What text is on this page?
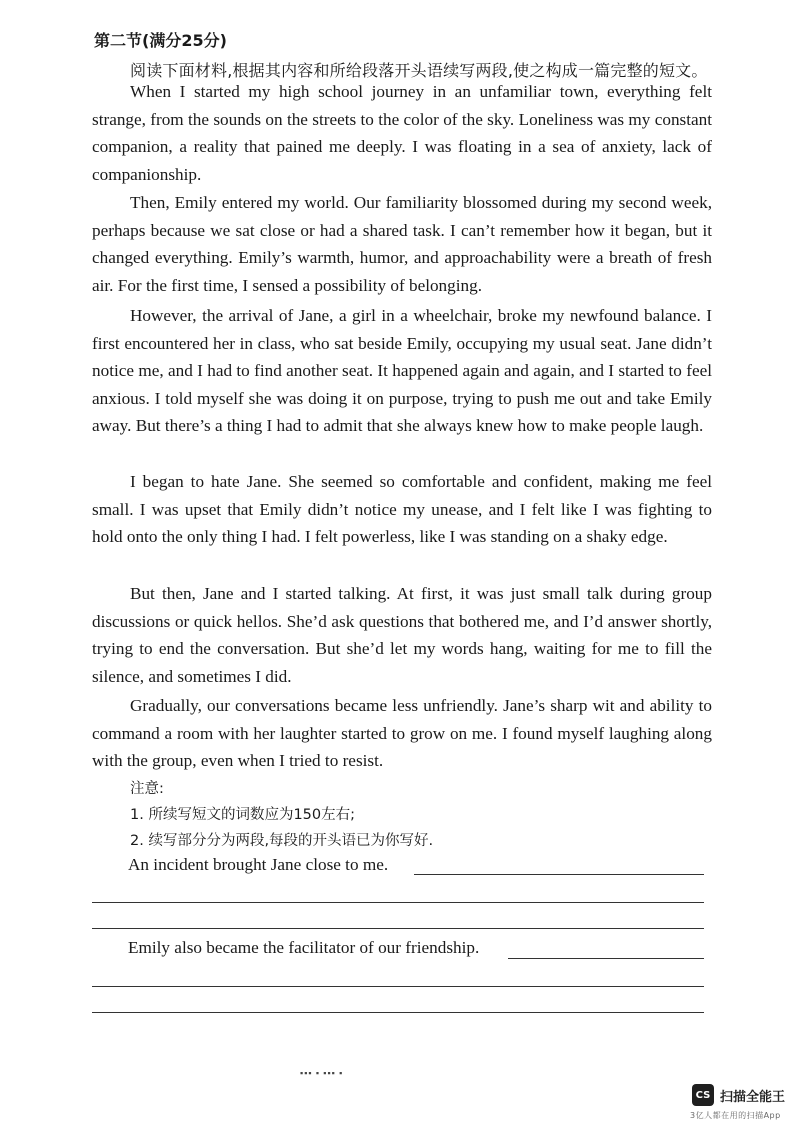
第二节(满分25分)
阅读下面材料,根据其内容和所给段落开头语续写两段,使之构成一篇完整的短文。

When I started my high school journey in an unfamiliar town, everything felt strange, from the sounds on the streets to the color of the sky. Loneliness was my constant companion, a reality that pained me deeply. I was floating in a sea of anxiety, lack of companionship.

Then, Emily entered my world. Our familiarity blossomed during my second week, perhaps because we sat close or had a shared task. I can’t remember how it began, but it changed everything. Emily’s warmth, humor, and approachability were a breath of fresh air. For the first time, I sensed a possibility of belonging.

However, the arrival of Jane, a girl in a wheelchair, broke my newfound balance. I first encountered her in class, who sat beside Emily, occupying my usual seat. Jane didn’t notice me, and I had to find another seat. It happened again and again, and I started to feel anxious. I told myself she was doing it on purpose, trying to push me out and take Emily away. But there’s a thing I had to admit that she always knew how to make people laugh.

I began to hate Jane. She seemed so comfortable and confident, making me feel small. I was upset that Emily didn’t notice my unease, and I felt like I was fighting to hold onto the only thing I had. I felt powerless, like I was standing on a shaky edge.

But then, Jane and I started talking. At first, it was just small talk during group discussions or quick hellos. She’d ask questions that bothered me, and I’d answer shortly, trying to end the conversation. But she’d let my words hang, waiting for me to fill the silence, and sometimes I did.

Gradually, our conversations became less unfriendly. Jane’s sharp wit and ability to command a room with her laughter started to grow on me. I found myself laughing along with the group, even when I tried to resist.

注意:
1. 所续写短文的词数应为150左右;
2. 续写部分分为两段,每段的开头语已为你写好.
An incident brought Jane close to me.
Emily also became the facilitator of our friendship.
▪▪▪ ▪ ▪▪▪ ▪
CS 扫描全能王
3亿人都在用的扫描App
